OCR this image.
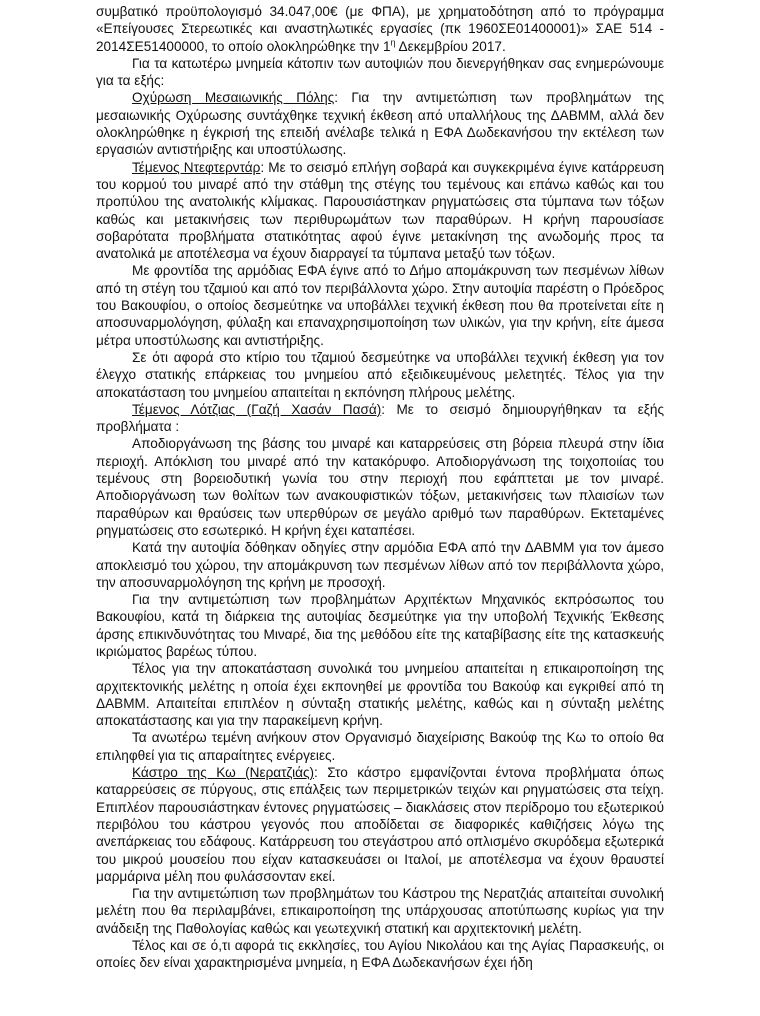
συμβατικό προϋπολογισμό 34.047,00€ (με ΦΠΑ), με χρηματοδότηση από το πρόγραμμα «Επείγουσες Στερεωτικές και αναστηλωτικές εργασίες (πκ 1960ΣΕ01400001)» ΣΑΕ 514 - 2014ΣΕ51400000, το οποίο ολοκληρώθηκε την $1^\eta$ Δεκεμβρίου 2017.

Για τα κατωτέρω μνημεία κάτοπιν των αυτοψιών που διενεργήθηκαν σας ενημερώνουμε για τα εξής:

Οχύρωση Μεσαιωνικής Πόλης: Για την αντιμετώπιση των προβλημάτων της μεσαιωνικής Οχύρωσης συντάχθηκε τεχνική έκθεση από υπαλλήλους της ΔΑΒΜΜ, αλλά δεν ολοκληρώθηκε η έγκρισή της επειδή ανέλαβε τελικά η ΕΦΑ Δωδεκανήσου την εκτέλεση των εργασιών αντιστήριξης και υποστύλωσης.

Τέμενος Ντεφτερντάρ: Με το σεισμό επλήγη σοβαρά και συγκεκριμένα έγινε κατάρρευση του κορμού του μιναρέ από την στάθμη της στέγης του τεμένους και επάνω καθώς και του προπύλου της ανατολικής κλίμακας. Παρουσιάστηκαν ρηγματώσεις στα τύμπανα των τόξων καθώς και μετακινήσεις των περιθυρωμάτων των παραθύρων. Η κρήνη παρουσίασε σοβαρότατα προβλήματα στατικότητας αφού έγινε μετακίνηση της ανωδομής προς τα ανατολικά με αποτέλεσμα να έχουν διαρραγεί τα τύμπανα μεταξύ των τόξων.

Με φροντίδα της αρμόδιας ΕΦΑ έγινε από το Δήμο απομάκρυνση των πεσμένων λίθων από τη στέγη του τζαμιού και από τον περιβάλλοντα χώρο. Στην αυτοψία παρέστη ο Πρόεδρος του Βακουφίου, ο οποίος δεσμεύτηκε να υποβάλλει τεχνική έκθεση που θα προτείνεται είτε η αποσυναρμολόγηση, φύλαξη και επαναχρησιμοποίηση των υλικών, για την κρήνη, είτε άμεσα μέτρα υποστύλωσης και αντιστήριξης.

Σε ότι αφορά στο κτίριο του τζαμιού δεσμεύτηκε να υποβάλλει τεχνική έκθεση για τον έλεγχο στατικής επάρκειας του μνημείου από εξειδικευμένους μελετητές. Τέλος για την αποκατάσταση του μνημείου απαιτείται η εκπόνηση πλήρους μελέτης.

Τέμενος Λότζιας (Γαζή Χασάν Πασά): Με το σεισμό δημιουργήθηκαν τα εξής προβλήματα :

Αποδιοργάνωση της βάσης του μιναρέ και καταρρεύσεις στη βόρεια πλευρά στην ίδια περιοχή. Απόκλιση του μιναρέ από την κατακόρυφο. Αποδιοργάνωση της τοιχοποιίας του τεμένους στη βορειοδυτική γωνία του στην περιοχή που εφάπτεται με τον μιναρέ. Αποδιοργάνωση των θολίτων των ανακουφιστικών τόξων, μετακινήσεις των πλαισίων των παραθύρων και θραύσεις των υπερθύρων σε μεγάλο αριθμό των παραθύρων. Εκτεταμένες ρηγματώσεις στο εσωτερικό. Η κρήνη έχει καταπέσει.

Κατά την αυτοψία δόθηκαν οδηγίες στην αρμόδια ΕΦΑ από την ΔΑΒΜΜ για τον άμεσο αποκλεισμό του χώρου, την απομάκρυνση των πεσμένων λίθων από τον περιβάλλοντα χώρο, την αποσυναρμολόγηση της κρήνη με προσοχή.

Για την αντιμετώπιση των προβλημάτων Αρχιτέκτων Μηχανικός εκπρόσωπος του Βακουφίου, κατά τη διάρκεια της αυτοψίας δεσμεύτηκε για την υποβολή Τεχνικής Έκθεσης άρσης επικινδυνότητας του Μιναρέ, δια της μεθόδου είτε της καταβίβασης είτε της κατασκευής ικριώματος βαρέως τύπου.

Τέλος για την αποκατάσταση συνολικά του μνημείου απαιτείται η επικαιροποίηση της αρχιτεκτονικής μελέτης η οποία έχει εκπονηθεί με φροντίδα του Βακούφ και εγκριθεί από τη ΔΑΒΜΜ. Απαιτείται επιπλέον η σύνταξη στατικής μελέτης, καθώς και η σύνταξη μελέτης αποκατάστασης και για την παρακείμενη κρήνη.

Τα ανωτέρω τεμένη ανήκουν στον Οργανισμό διαχείρισης Βακούφ της Κω το οποίο θα επιληφθεί για τις απαραίτητες ενέργειες.

Κάστρο της Κω (Νερατζιάς): Στο κάστρο εμφανίζονται έντονα προβλήματα όπως καταρρεύσεις σε πύργους, στις επάλξεις των περιμετρικών τειχών και ρηγματώσεις στα τείχη. Επιπλέον παρουσιάστηκαν έντονες ρηγματώσεις – διακλάσεις στον περίδρομο του εξωτερικού περιβόλου του κάστρου γεγονός που αποδίδεται σε διαφορικές καθιζήσεις λόγω της ανεπάρκειας του εδάφους. Κατάρρευση του στεγάστρου από οπλισμένο σκυρόδεμα εξωτερικά του μικρού μουσείου που είχαν κατασκευάσει οι Ιταλοί, με αποτέλεσμα να έχουν θραυστεί μαρμάρινα μέλη που φυλάσσονταν εκεί.

Για την αντιμετώπιση των προβλημάτων του Κάστρου της Νερατζιάς απαιτείται συνολική μελέτη που θα περιλαμβάνει, επικαιροποίηση της υπάρχουσας αποτύπωσης κυρίως για την ανάδειξη της Παθολογίας καθώς και γεωτεχνική στατική και αρχιτεκτονική μελέτη.

Τέλος και σε ό,τι αφορά τις εκκλησίες, του Αγίου Νικολάου και της Αγίας Παρασκευής, οι οποίες δεν είναι χαρακτηρισμένα μνημεία, η ΕΦΑ Δωδεκανήσων έχει ήδη
